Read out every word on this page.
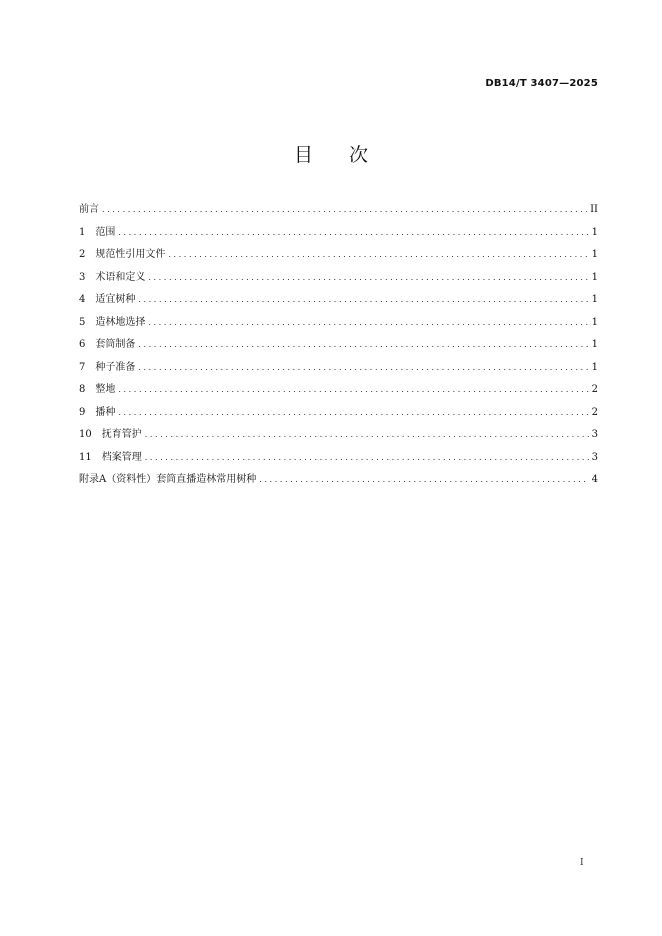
DB14/T 3407—2025
目 次
前言 .....	II
1 范围 .....	1
2 规范性引用文件 .....	1
3 术语和定义 .....	1
4 适宜树种 .....	1
5 造林地选择 .....	1
6 套筒制备 .....	1
7 种子准备 .....	1
8 整地 .....	2
9 播种 .....	2
10 抚育管护 .....	3
11 档案管理 .....	3
附录A（资料性）套筒直播造林常用树种 .....	4
I
